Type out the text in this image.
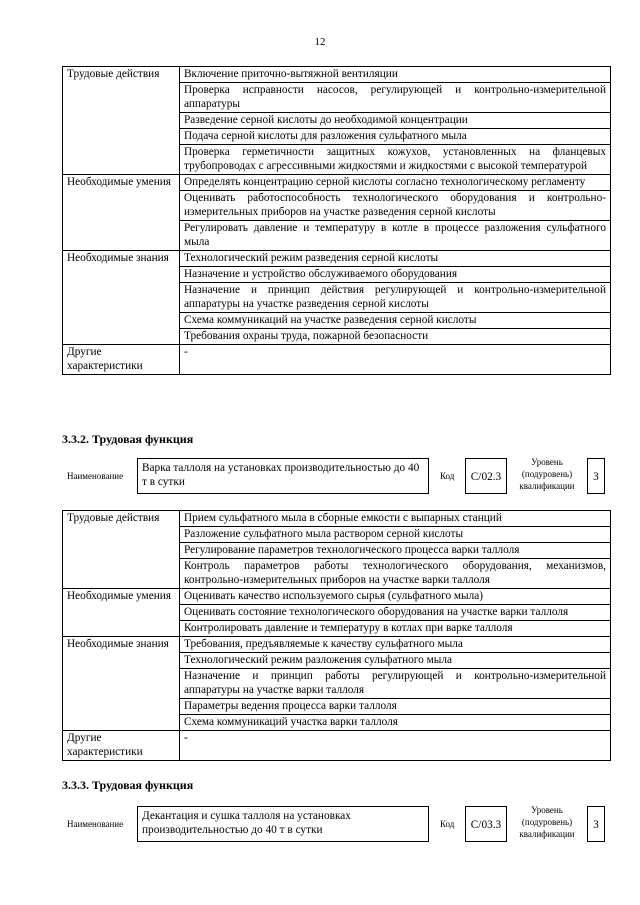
12
Трудовые действия	Включение приточно-вытяжной вентиляции
	Проверка исправности насосов, регулирующей и контрольно-измерительной аппаратуры
	Разведение серной кислоты до необходимой концентрации
	Подача серной кислоты для разложения сульфатного мыла
	Проверка герметичности защитных кожухов, установленных на фланцевых трубопроводах с агрессивными жидкостями и жидкостями с высокой температурой
Необходимые умения	Определять концентрацию серной кислоты согласно технологическому регламенту
	Оценивать работоспособность технологического оборудования и контрольно-измерительных приборов на участке разведения серной кислоты
	Регулировать давление и температуру в котле в процессе разложения сульфатного мыла
Необходимые знания	Технологический режим разведения серной кислоты
	Назначение и устройство обслуживаемого оборудования
	Назначение и принцип действия регулирующей и контрольно-измерительной аппаратуры на участке разведения серной кислоты
	Схема коммуникаций на участке разведения серной кислоты
	Требования охраны труда, пожарной безопасности
Другие характеристики	-
3.3.2. Трудовая функция
Наименование
Варка таллоля на установках производительностью до 40 т в сутки	Код	С/02.3
Уровень (подуровень) квалификации
3
Трудовые действия	Прием сульфатного мыла в сборные емкости с выпарных станций
	Разложение сульфатного мыла раствором серной кислоты
	Регулирование параметров технологического процесса варки таллоля
	Контроль параметров работы технологического оборудования, механизмов, контрольно-измерительных приборов на участке варки таллоля
Необходимые умения	Оценивать качество используемого сырья (сульфатного мыла)
	Оценивать состояние технологического оборудования на участке варки таллоля
	Контролировать давление и температуру в котлах при варке таллоля
Необходимые знания	Требования, предъявляемые к качеству сульфатного мыла
	Технологический режим разложения сульфатного мыла
	Назначение и принцип работы регулирующей и контрольно-измерительной аппаратуры на участке варки таллоля
	Параметры ведения процесса варки таллоля
	Схема коммуникаций участка варки таллоля
Другие характеристики	-
3.3.3. Трудовая функция
Наименование
Декантация и сушка таллоля на установках производительностью до 40 т в сутки	Код	С/03.3
Уровень (подуровень) квалификации
3
